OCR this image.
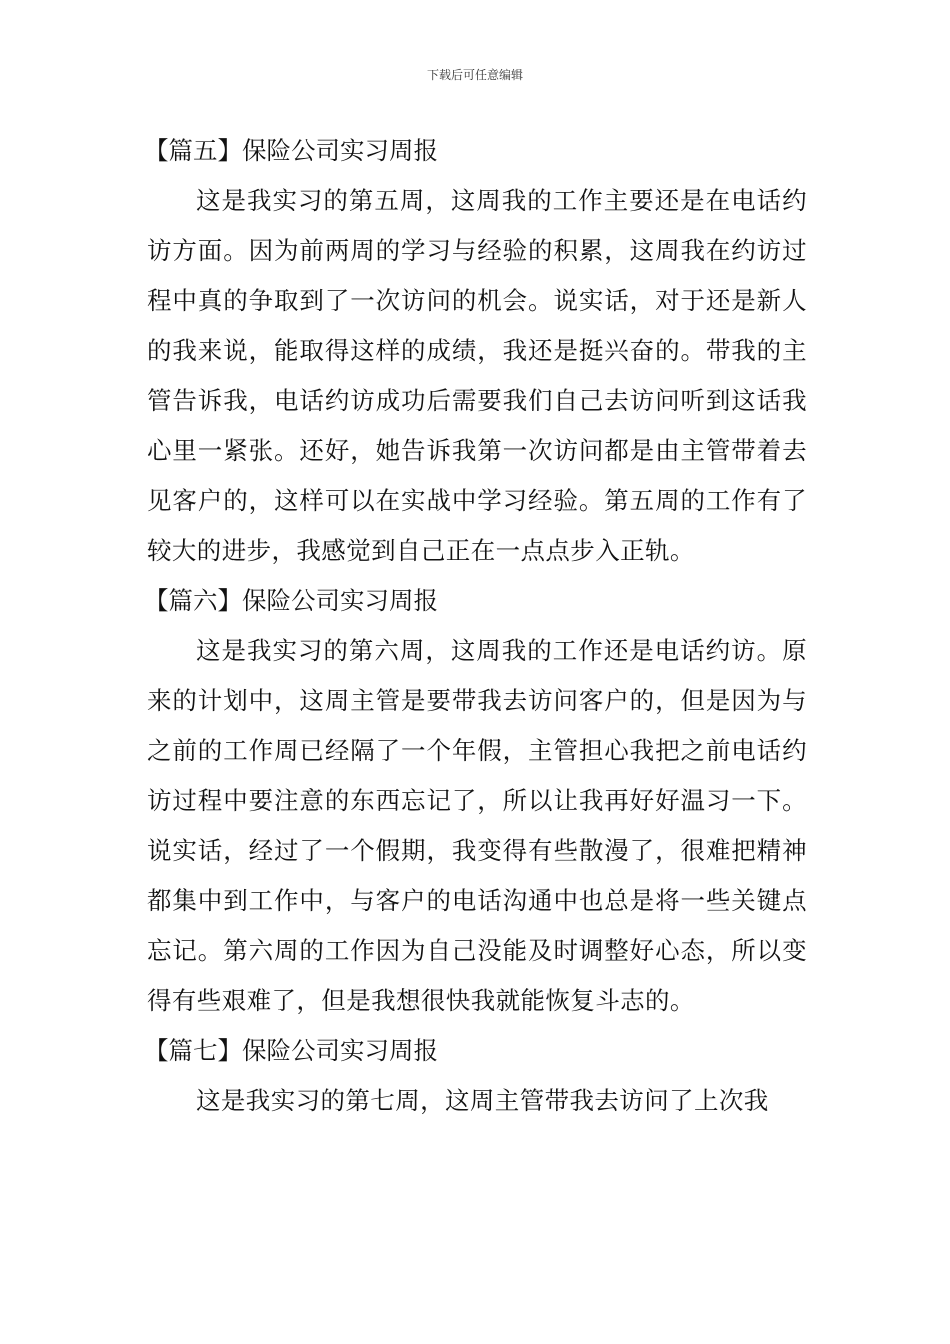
下载后可任意编辑

【篇五】保险公司实习周报

这是我实习的第五周，这周我的工作主要还是在电话约访方面。因为前两周的学习与经验的积累，这周我在约访过程中真的争取到了一次访问的机会。说实话，对于还是新人的我来说，能取得这样的成绩，我还是挺兴奋的。带我的主管告诉我，电话约访成功后需要我们自己去访问听到这话我心里一紧张。还好，她告诉我第一次访问都是由主管带着去见客户的，这样可以在实战中学习经验。第五周的工作有了较大的进步，我感觉到自己正在一点点步入正轨。

【篇六】保险公司实习周报

这是我实习的第六周，这周我的工作还是电话约访。原来的计划中，这周主管是要带我去访问客户的，但是因为与之前的工作周已经隔了一个年假，主管担心我把之前电话约访过程中要注意的东西忘记了，所以让我再好好温习一下。说实话，经过了一个假期，我变得有些散漫了，很难把精神都集中到工作中，与客户的电话沟通中也总是将一些关键点忘记。第六周的工作因为自己没能及时调整好心态，所以变得有些艰难了，但是我想很快我就能恢复斗志的。

【篇七】保险公司实习周报

这是我实习的第七周，这周主管带我去访问了上次我
